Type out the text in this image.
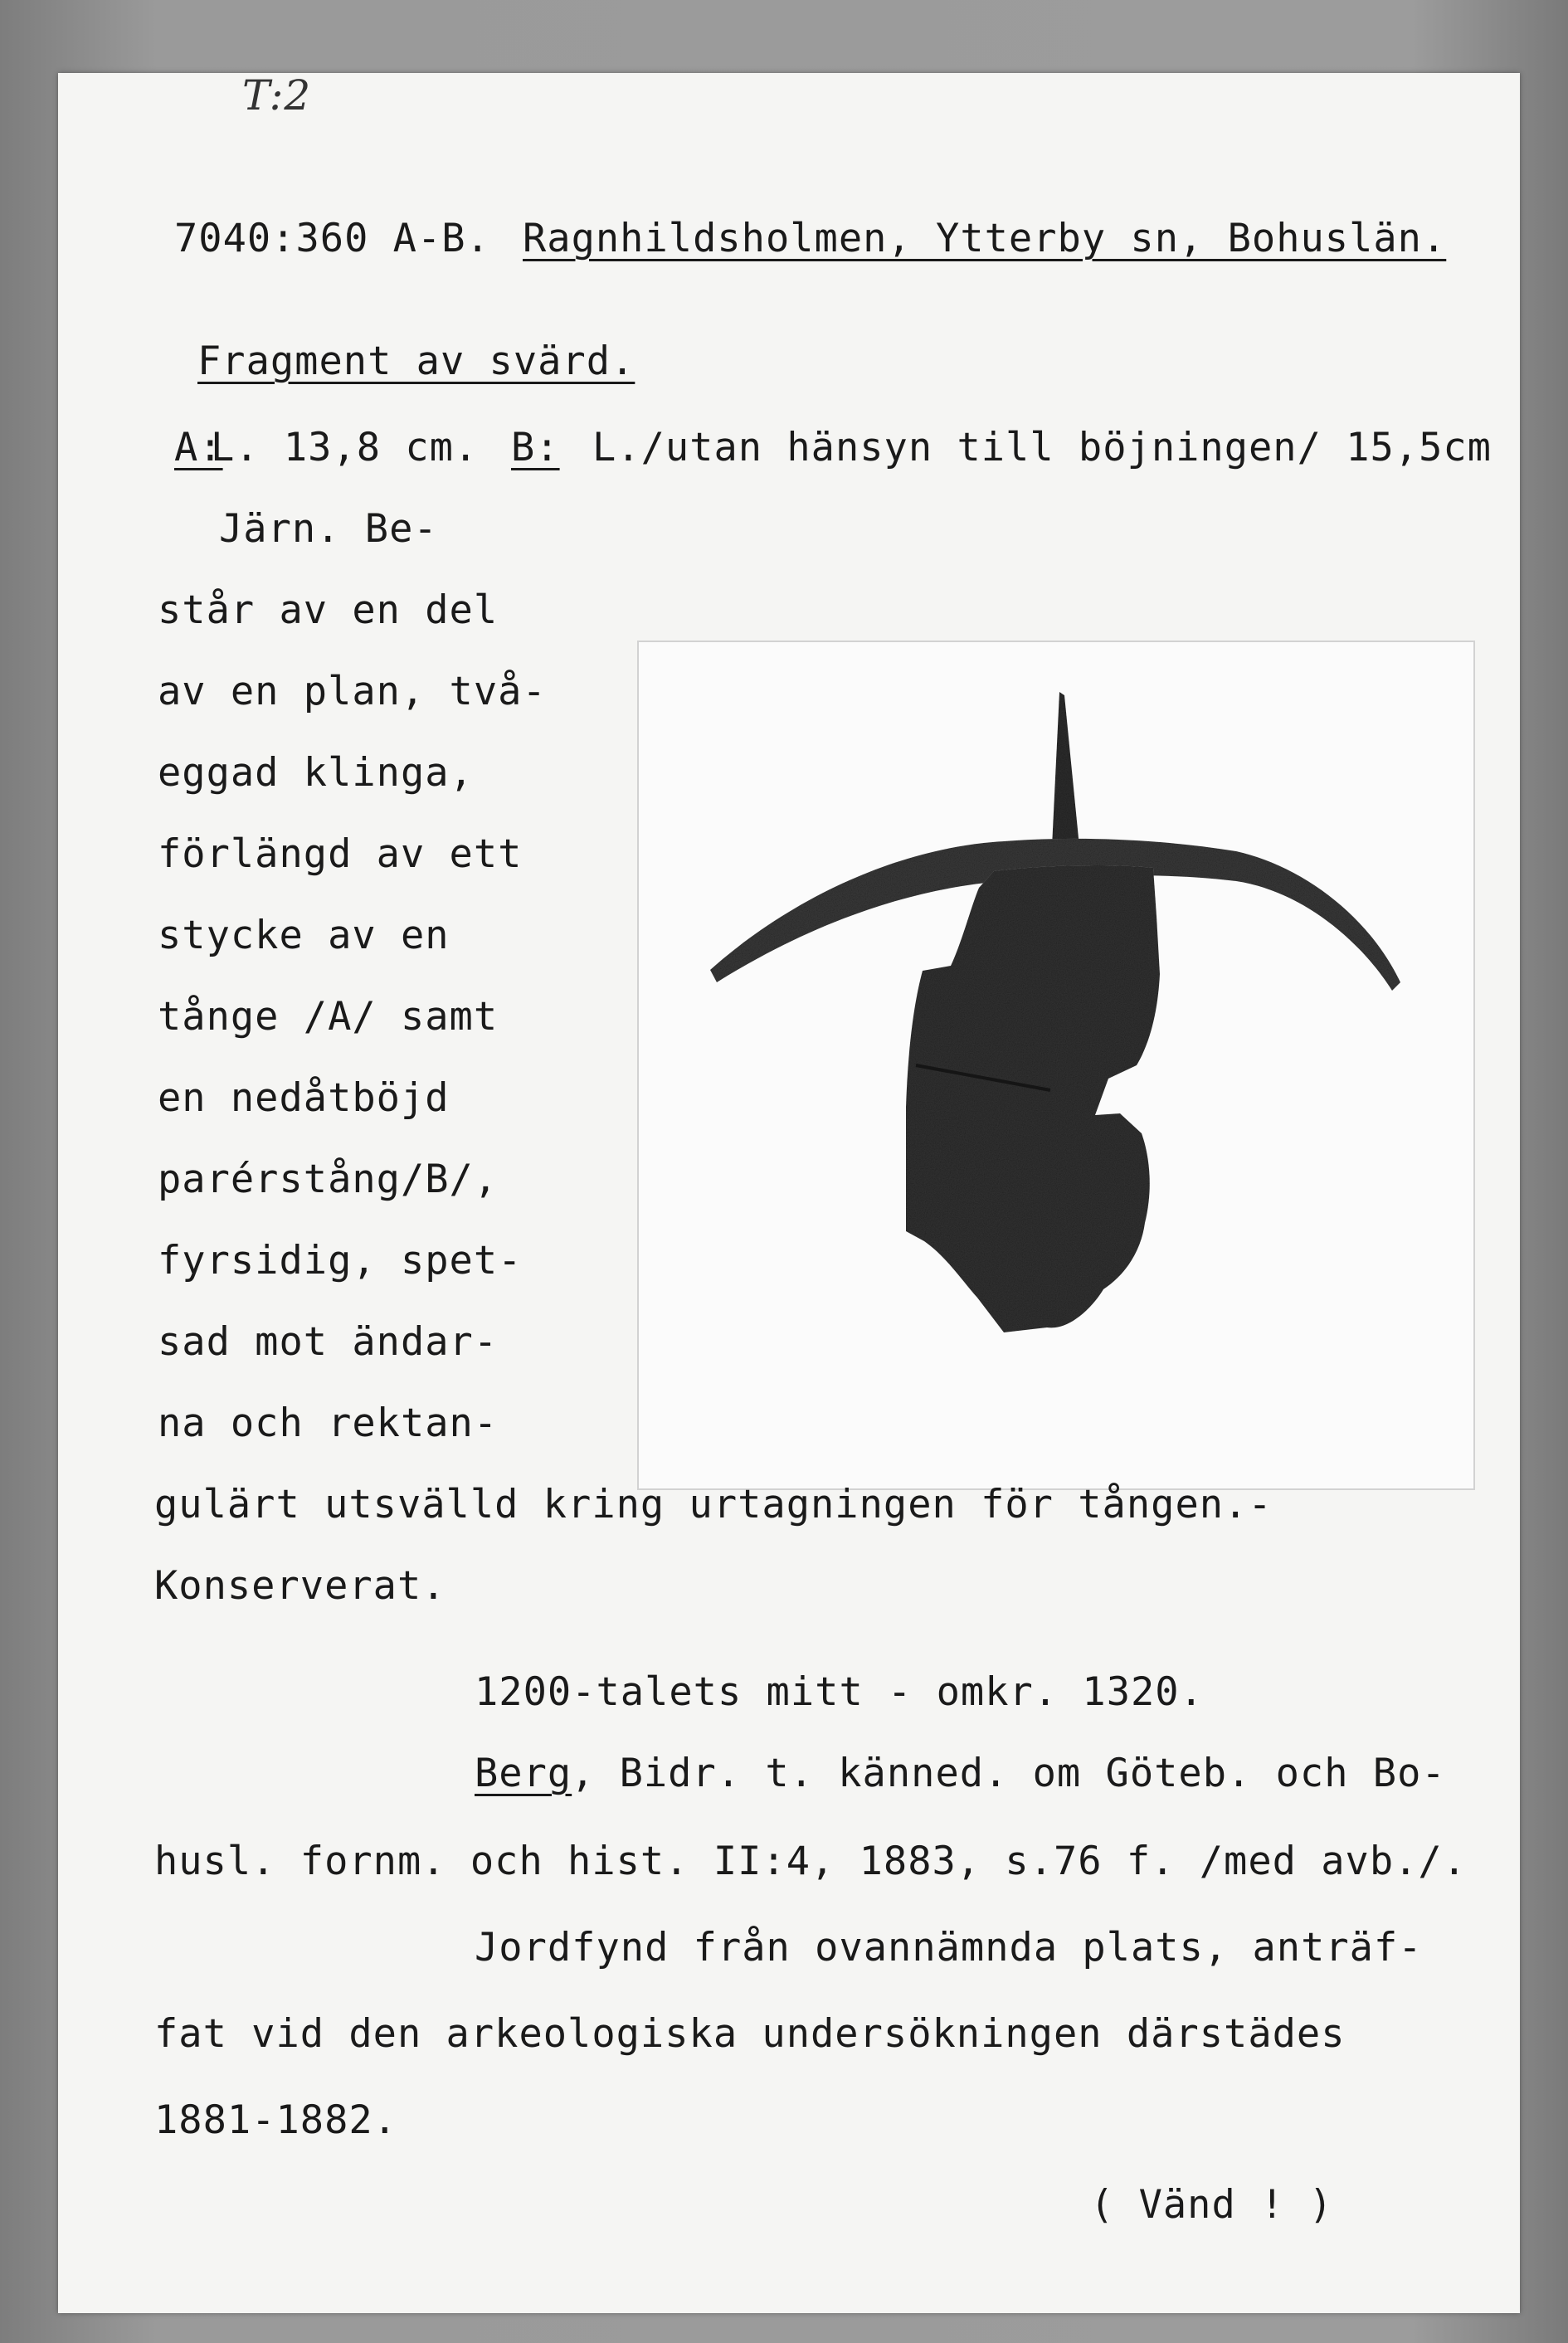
T:2
7040:360 A-B. Ragnhildsholmen, Ytterby sn, Bohuslän.
Fragment av svärd.
A:
L. 13,8 cm. B: L./utan hänsyn till böjningen/ 15,5cm
Järn. Be-
står av en del
av en plan, två-
eggad klinga,
förlängd av ett
stycke av en
tånge /A/ samt
en nedåtböjd
parérstång/B/,
fyrsidig, spet-
sad mot ändar-
na och rektan-
gulärt utsvälld kring urtagningen för tången.-
Konserverat.
1200-talets mitt - omkr. 1320.
Berg
, Bidr. t. känned. om Göteb. och Bo-
husl. fornm. och hist. II:4, 1883, s.76 f. /med avb./.
Jordfynd från ovannämnda plats, anträf-
fat vid den arkeologiska undersökningen därstädes
1881-1882.
( Vänd ! )
